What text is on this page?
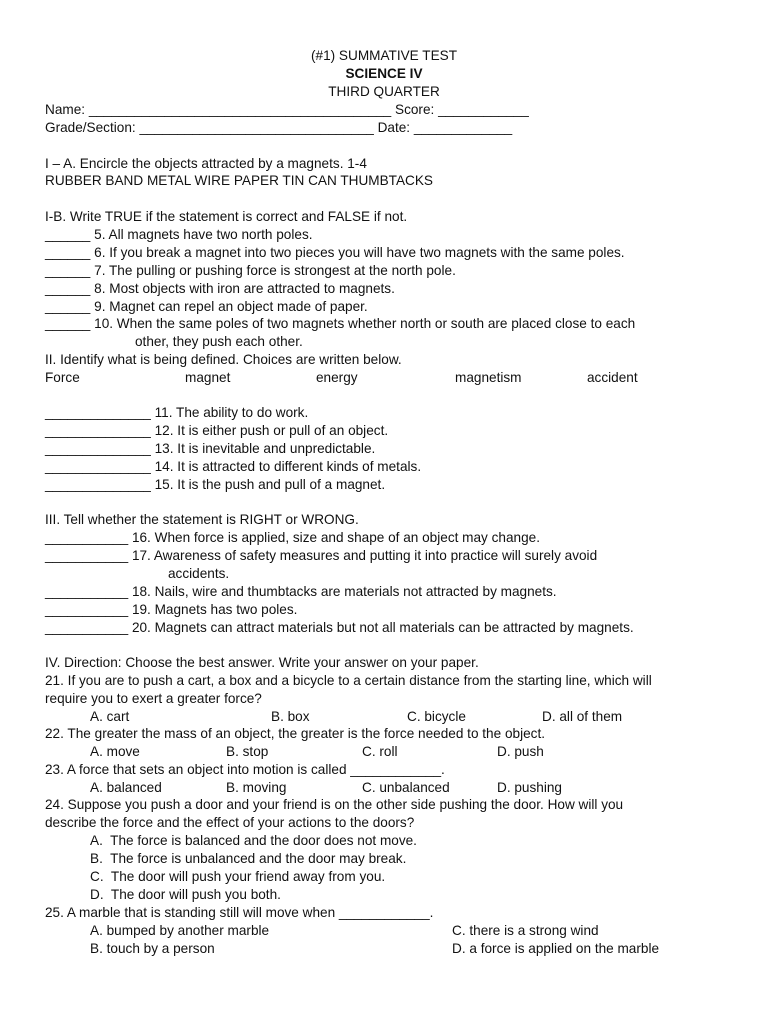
(#1) SUMMATIVE TEST
SCIENCE IV
THIRD QUARTER
Name: ________________________________________ Score: ____________
Grade/Section: _______________________________ Date: _____________
I – A. Encircle the objects attracted by a magnets. 1-4
RUBBER BAND METAL WIRE PAPER TIN CAN THUMBTACKS
I-B. Write TRUE if the statement is correct and FALSE if not.
______ 5. All magnets have two north poles.
______ 6. If you break a magnet into two pieces you will have two magnets with the same poles.
______ 7. The pulling or pushing force is strongest at the north pole.
______ 8. Most objects with iron are attracted to magnets.
______ 9. Magnet can repel an object made of paper.
______ 10. When the same poles of two magnets whether north or south are placed close to each
other, they push each other.
II. Identify what is being defined. Choices are written below.
Force	magnet	energy	magnetism	accident
______________ 11. The ability to do work.
______________ 12. It is either push or pull of an object.
______________ 13. It is inevitable and unpredictable.
______________ 14. It is attracted to different kinds of metals.
______________ 15. It is the push and pull of a magnet.
III. Tell whether the statement is RIGHT or WRONG.
___________ 16. When force is applied, size and shape of an object may change.
___________ 17. Awareness of safety measures and putting it into practice will surely avoid
accidents.
___________ 18. Nails, wire and thumbtacks are materials not attracted by magnets.
___________ 19. Magnets has two poles.
___________ 20. Magnets can attract materials but not all materials can be attracted by magnets.
IV. Direction: Choose the best answer. Write your answer on your paper.
21. If you are to push a cart, a box and a bicycle to a certain distance from the starting line, which will
require you to exert a greater force?
A. cart	B. box	C. bicycle	D. all of them
22. The greater the mass of an object, the greater is the force needed to the object.
A. move	B. stop	C. roll	D. push
23. A force that sets an object into motion is called ____________.
A. balanced	B. moving	C. unbalanced	D. pushing
24. Suppose you push a door and your friend is on the other side pushing the door. How will you
describe the force and the effect of your actions to the doors?
A.  The force is balanced and the door does not move.
B.  The force is unbalanced and the door may break.
C.  The door will push your friend away from you.
D.  The door will push you both.
25. A marble that is standing still will move when ____________.
A. bumped by another marble	C. there is a strong wind
B. touch by a person	D. a force is applied on the marble
